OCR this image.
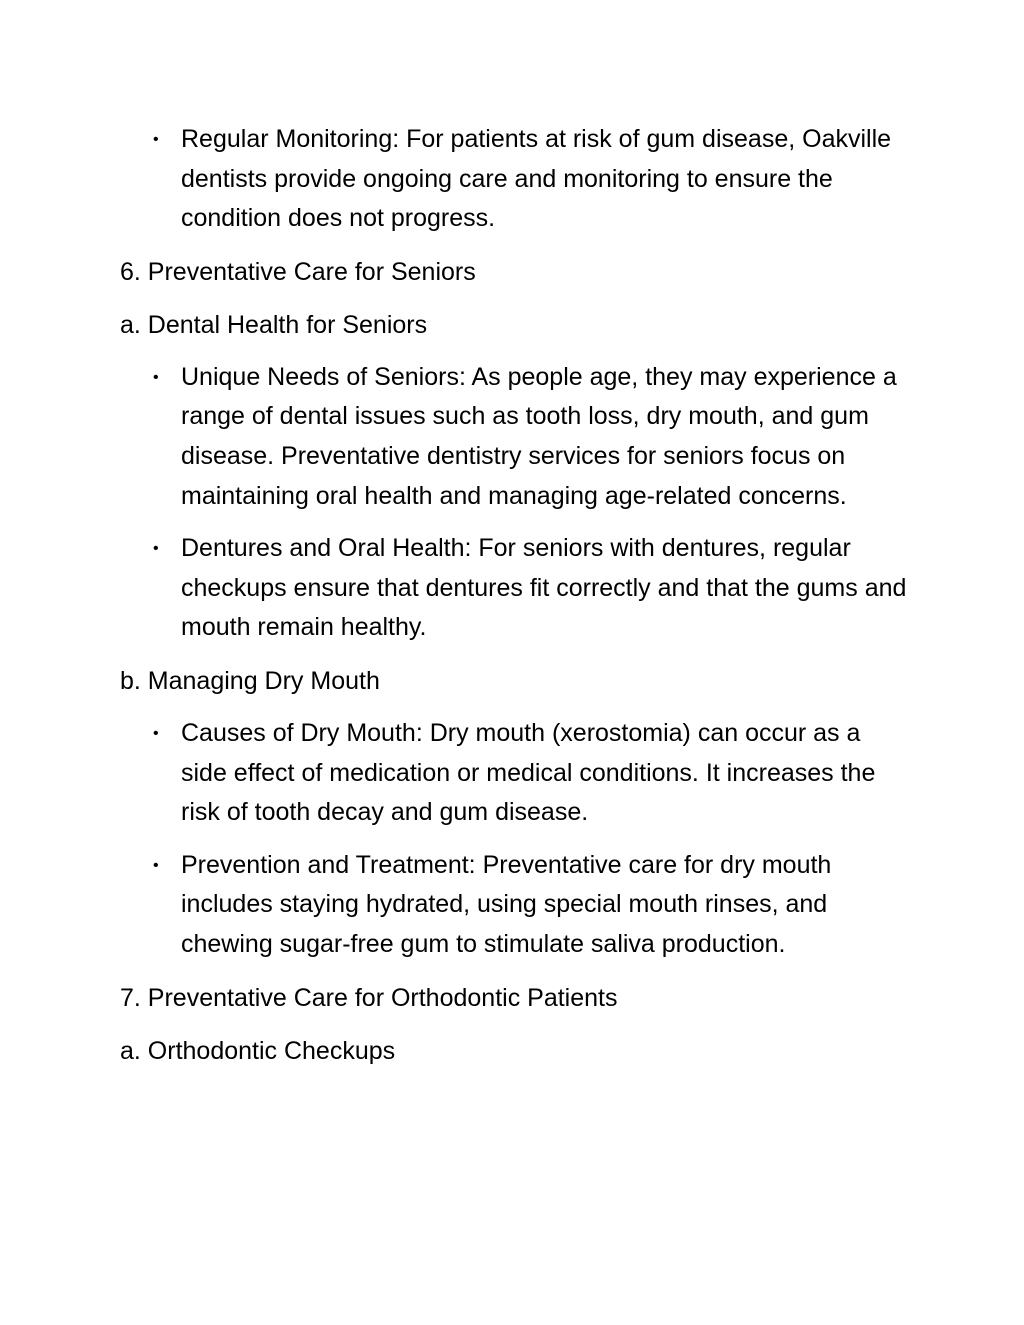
• Regular Monitoring: For patients at risk of gum disease, Oakville dentists provide ongoing care and monitoring to ensure the condition does not progress.
6. Preventative Care for Seniors
a. Dental Health for Seniors
• Unique Needs of Seniors: As people age, they may experience a range of dental issues such as tooth loss, dry mouth, and gum disease. Preventative dentistry services for seniors focus on maintaining oral health and managing age-related concerns.
• Dentures and Oral Health: For seniors with dentures, regular checkups ensure that dentures fit correctly and that the gums and mouth remain healthy.
b. Managing Dry Mouth
• Causes of Dry Mouth: Dry mouth (xerostomia) can occur as a side effect of medication or medical conditions. It increases the risk of tooth decay and gum disease.
• Prevention and Treatment: Preventative care for dry mouth includes staying hydrated, using special mouth rinses, and chewing sugar-free gum to stimulate saliva production.
7. Preventative Care for Orthodontic Patients
a. Orthodontic Checkups
